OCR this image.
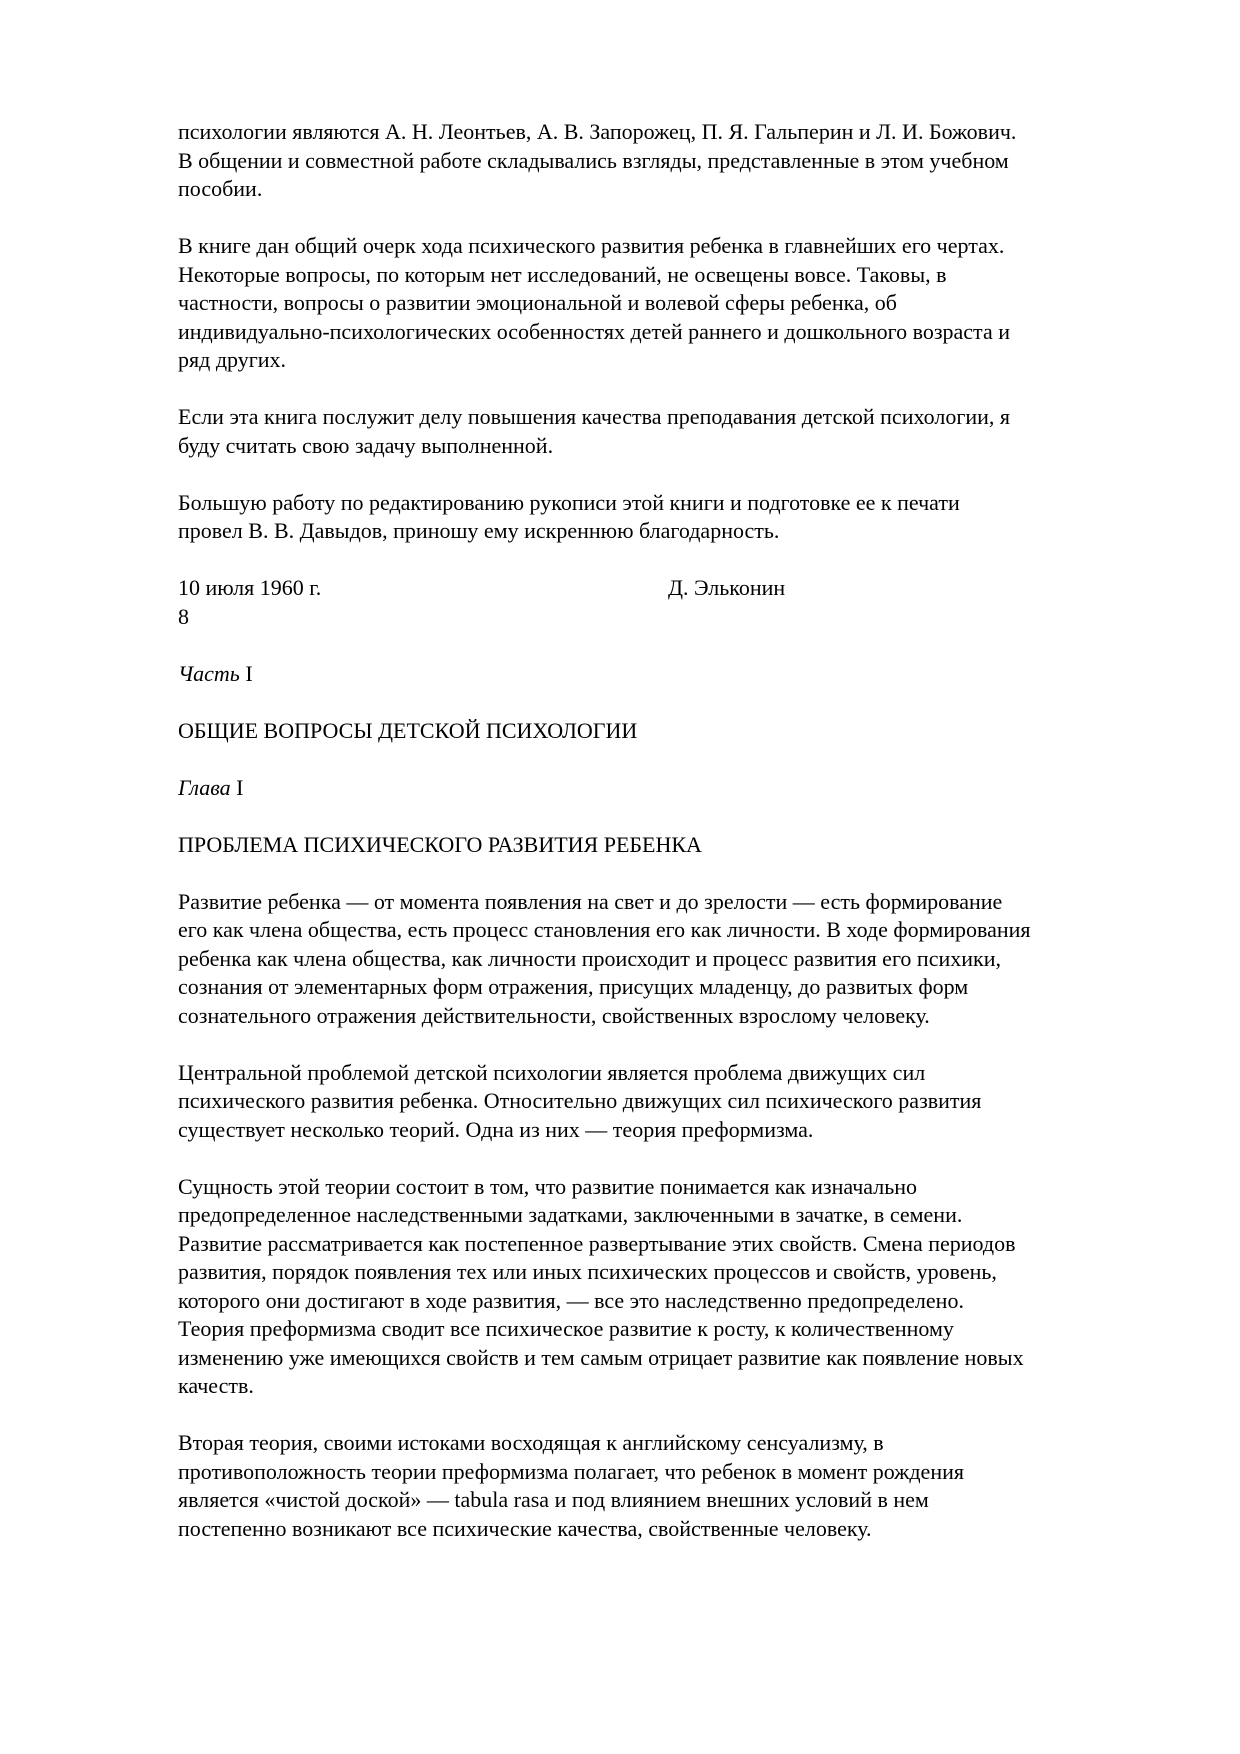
психологии являются А. Н. Леонтьев, А. В. Запорожец, П. Я. Гальперин и Л. И. Божович.
В общении и совместной работе складывались взгляды, представленные в этом учебном
пособии.

В книге дан общий очерк хода психического развития ребенка в главнейших его чертах.
Некоторые вопросы, по которым нет исследований, не освещены вовсе. Таковы, в
частности, вопросы о развитии эмоциональной и волевой сферы ребенка, об
индивидуально-психологических особенностях детей раннего и дошкольного возраста и
ряд других.

Если эта книга послужит делу повышения качества преподавания детской психологии, я
буду считать свою задачу выполненной.

Большую работу по редактированию рукописи этой книги и подготовке ее к печати
провел В. В. Давыдов, приношу ему искреннюю благодарность.

10 июля 1960 г.	Д. Эльконин
8

Часть I

ОБЩИЕ ВОПРОСЫ ДЕТСКОЙ ПСИХОЛОГИИ

Глава I

ПРОБЛЕМА ПСИХИЧЕСКОГО РАЗВИТИЯ РЕБЕНКА

Развитие ребенка — от момента появления на свет и до зрелости — есть формирование
его как члена общества, есть процесс становления его как личности. В ходе формирования
ребенка как члена общества, как личности происходит и процесс развития его психики,
сознания от элементарных форм отражения, присущих младенцу, до развитых форм
сознательного отражения действительности, свойственных взрослому человеку.

Центральной проблемой детской психологии является проблема движущих сил
психического развития ребенка. Относительно движущих сил психического развития
существует несколько теорий. Одна из них — теория преформизма.

Сущность этой теории состоит в том, что развитие понимается как изначально
предопределенное наследственными задатками, заключенными в зачатке, в семени.
Развитие рассматривается как постепенное развертывание этих свойств. Смена периодов
развития, порядок появления тех или иных психических процессов и свойств, уровень,
которого они достигают в ходе развития, — все это наследственно предопределено.
Теория преформизма сводит все психическое развитие к росту, к количественному
изменению уже имеющихся свойств и тем самым отрицает развитие как появление новых
качеств.

Вторая теория, своими истоками восходящая к английскому сенсуализму, в
противоположность теории преформизма полагает, что ребенок в момент рождения
является «чистой доской» — tabula rasa и под влиянием внешних условий в нем
постепенно возникают все психические качества, свойственные человеку.
